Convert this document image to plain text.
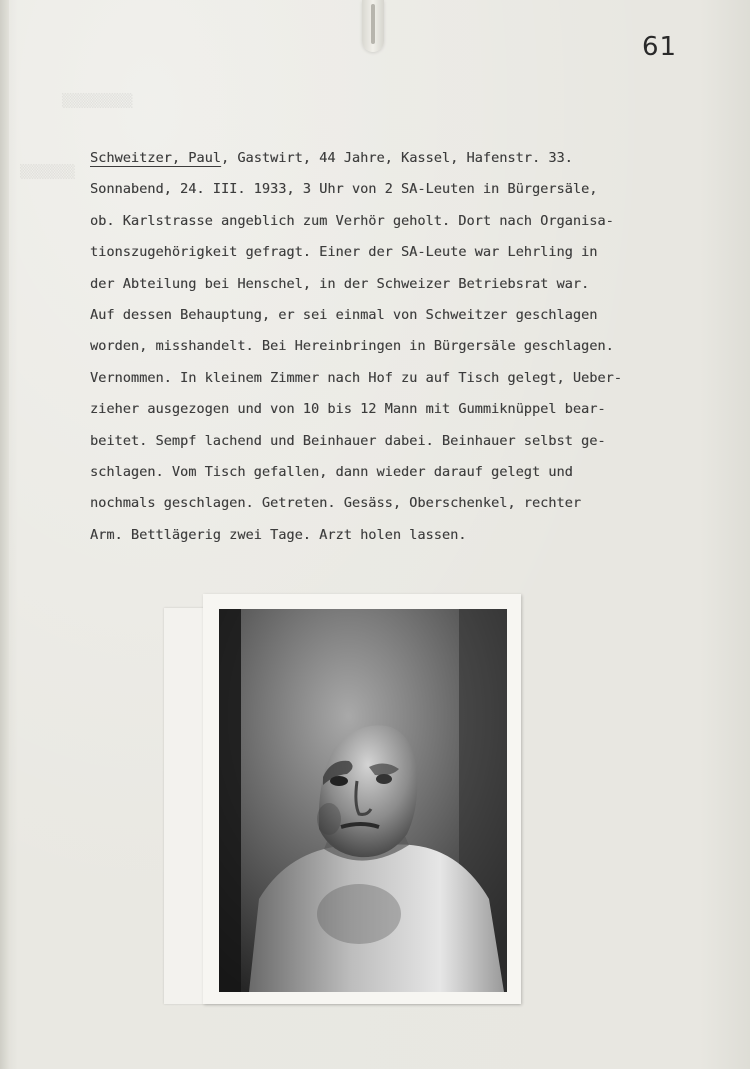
▒▒▒▒▒▒▒▒▒
▒▒▒▒▒▒▒
61
Schweitzer, Paul, Gastwirt, 44 Jahre, Kassel, Hafenstr. 33.
Sonnabend, 24. III. 1933, 3 Uhr von 2 SA-Leuten in Bürgersäle,
ob. Karlstrasse angeblich zum Verhör geholt. Dort nach Organisa-
tionszugehörigkeit gefragt. Einer der SA-Leute war Lehrling in
der Abteilung bei Henschel, in der Schweizer Betriebsrat war.
Auf dessen Behauptung, er sei einmal von Schweitzer geschlagen
worden, misshandelt. Bei Hereinbringen in Bürgersäle geschlagen.
Vernommen. In kleinem Zimmer nach Hof zu auf Tisch gelegt, Ueber-
zieher ausgezogen und von 10 bis 12 Mann mit Gummiknüppel bear-
beitet. Sempf lachend und Beinhauer dabei. Beinhauer selbst ge-
schlagen. Vom Tisch gefallen, dann wieder darauf gelegt und
nochmals geschlagen. Getreten. Gesäss, Oberschenkel, rechter
Arm. Bettlägerig zwei Tage. Arzt holen lassen.
